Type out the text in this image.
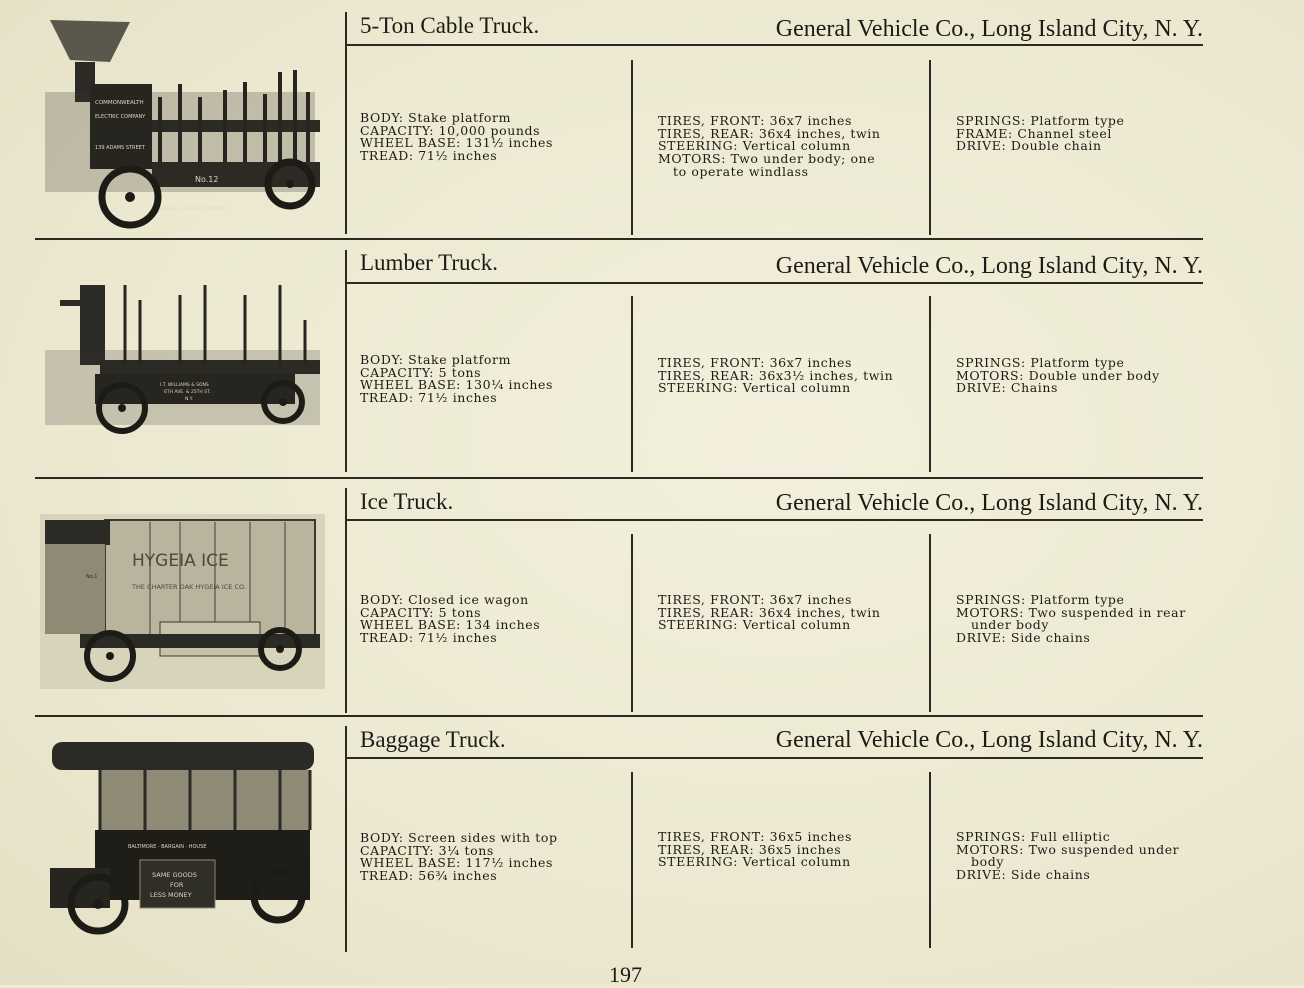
COMMONWEALTH
ELECTRIC COMPANY
139 ADAMS STREET
No.12
GENERAL VEHICLE COMPANY
5-Ton Cable Truck.	General Vehicle Co., Long Island City, N. Y.
BODY: Stake platform
CAPACITY: 10,000 pounds
WHEEL BASE: 131½ inches
TREAD: 71½ inches
TIRES, FRONT: 36x7 inches
TIRES, REAR: 36x4 inches, twin
STEERING: Vertical column
MOTORS: Two under body; one
to operate windlass
SPRINGS: Platform type
FRAME: Channel steel
DRIVE: Double chain
I.T. WILLIAMS & SONS
6TH AVE. & 25TH ST.
N.Y.
Lumber Truck.	General Vehicle Co., Long Island City, N. Y.
BODY: Stake platform
CAPACITY: 5 tons
WHEEL BASE: 130¼ inches
TREAD: 71½ inches
TIRES, FRONT: 36x7 inches
TIRES, REAR: 36x3½ inches, twin
STEERING: Vertical column
SPRINGS: Platform type
MOTORS: Double under body
DRIVE: Chains
HYGEIA ICE
THE CHARTER OAK HYGEIA ICE CO.
No.1
Ice Truck.	General Vehicle Co., Long Island City, N. Y.
BODY: Closed ice wagon
CAPACITY: 5 tons
WHEEL BASE: 134 inches
TREAD: 71½ inches
TIRES, FRONT: 36x7 inches
TIRES, REAR: 36x4 inches, twin
STEERING: Vertical column
SPRINGS: Platform type
MOTORS: Two suspended in rear
under body
DRIVE: Side chains
BALTIMORE · BARGAIN · HOUSE
SAME GOODS
FOR
LESS MONEY
Baggage Truck.	General Vehicle Co., Long Island City, N. Y.
BODY: Screen sides with top
CAPACITY: 3¼ tons
WHEEL BASE: 117½ inches
TREAD: 56¾ inches
TIRES, FRONT: 36x5 inches
TIRES, REAR: 36x5 inches
STEERING: Vertical column
SPRINGS: Full elliptic
MOTORS: Two suspended under
body
DRIVE: Side chains
197
